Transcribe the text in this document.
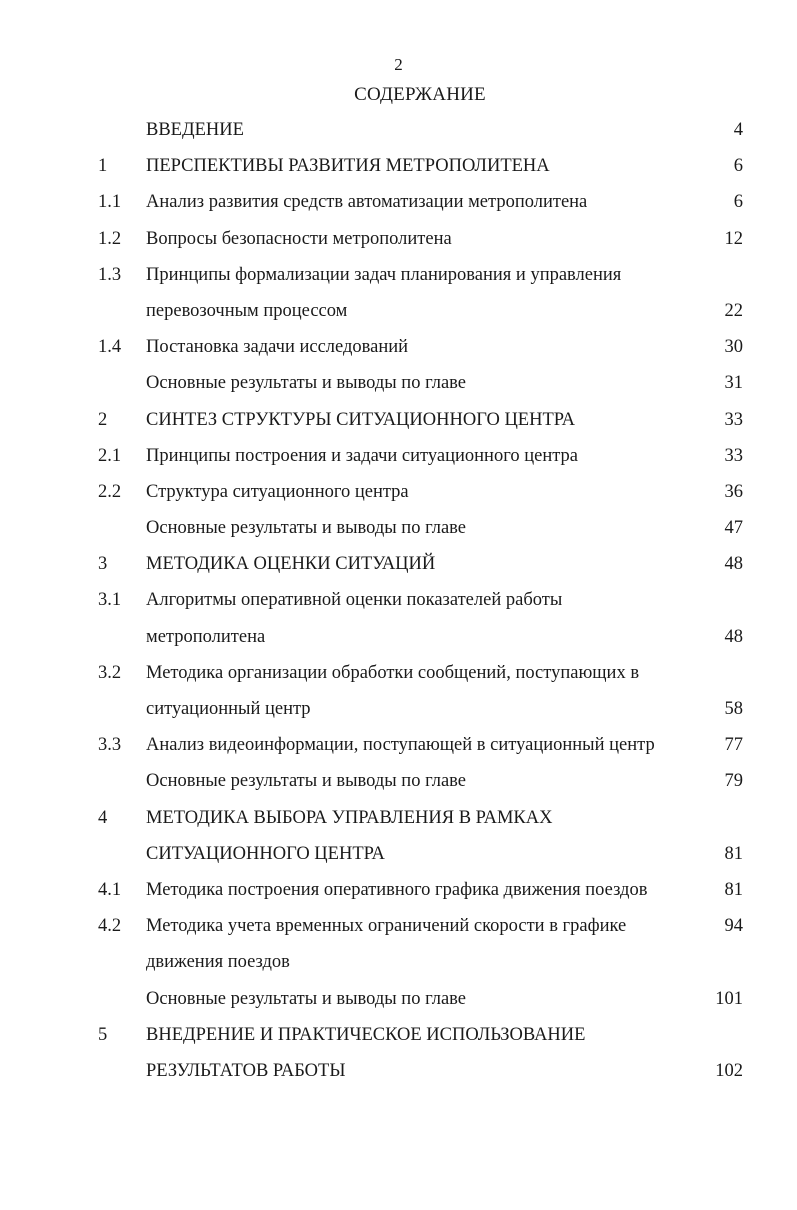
2
СОДЕРЖАНИЕ
ВВЕДЕНИЕ	4
1 ПЕРСПЕКТИВЫ РАЗВИТИЯ МЕТРОПОЛИТЕНА	6
1.1 Анализ развития средств автоматизации метрополитена	6
1.2 Вопросы безопасности метрополитена	12
1.3 Принципы формализации задач планирования и управления
перевозочным процессом	22
1.4 Постановка задачи исследований	30
Основные результаты и выводы по главе	31
2 СИНТЕЗ СТРУКТУРЫ СИТУАЦИОННОГО ЦЕНТРА	33
2.1 Принципы построения и задачи ситуационного центра	33
2.2 Структура ситуационного центра	36
Основные результаты и выводы по главе	47
3 МЕТОДИКА ОЦЕНКИ СИТУАЦИЙ	48
3.1 Алгоритмы оперативной оценки показателей работы
метрополитена	48
3.2 Методика организации обработки сообщений, поступающих в
ситуационный центр	58
3.3 Анализ видеоинформации, поступающей в ситуационный центр	77
Основные результаты и выводы по главе	79
4 МЕТОДИКА ВЫБОРА УПРАВЛЕНИЯ В РАМКАХ
СИТУАЦИОННОГО ЦЕНТРА	81
4.1 Методика построения оперативного графика движения поездов	81
4.2 Методика учета временных ограничений скорости в графике	94
движения поездов
Основные результаты и выводы по главе	101
5 ВНЕДРЕНИЕ И ПРАКТИЧЕСКОЕ ИСПОЛЬЗОВАНИЕ
РЕЗУЛЬТАТОВ РАБОТЫ	102
